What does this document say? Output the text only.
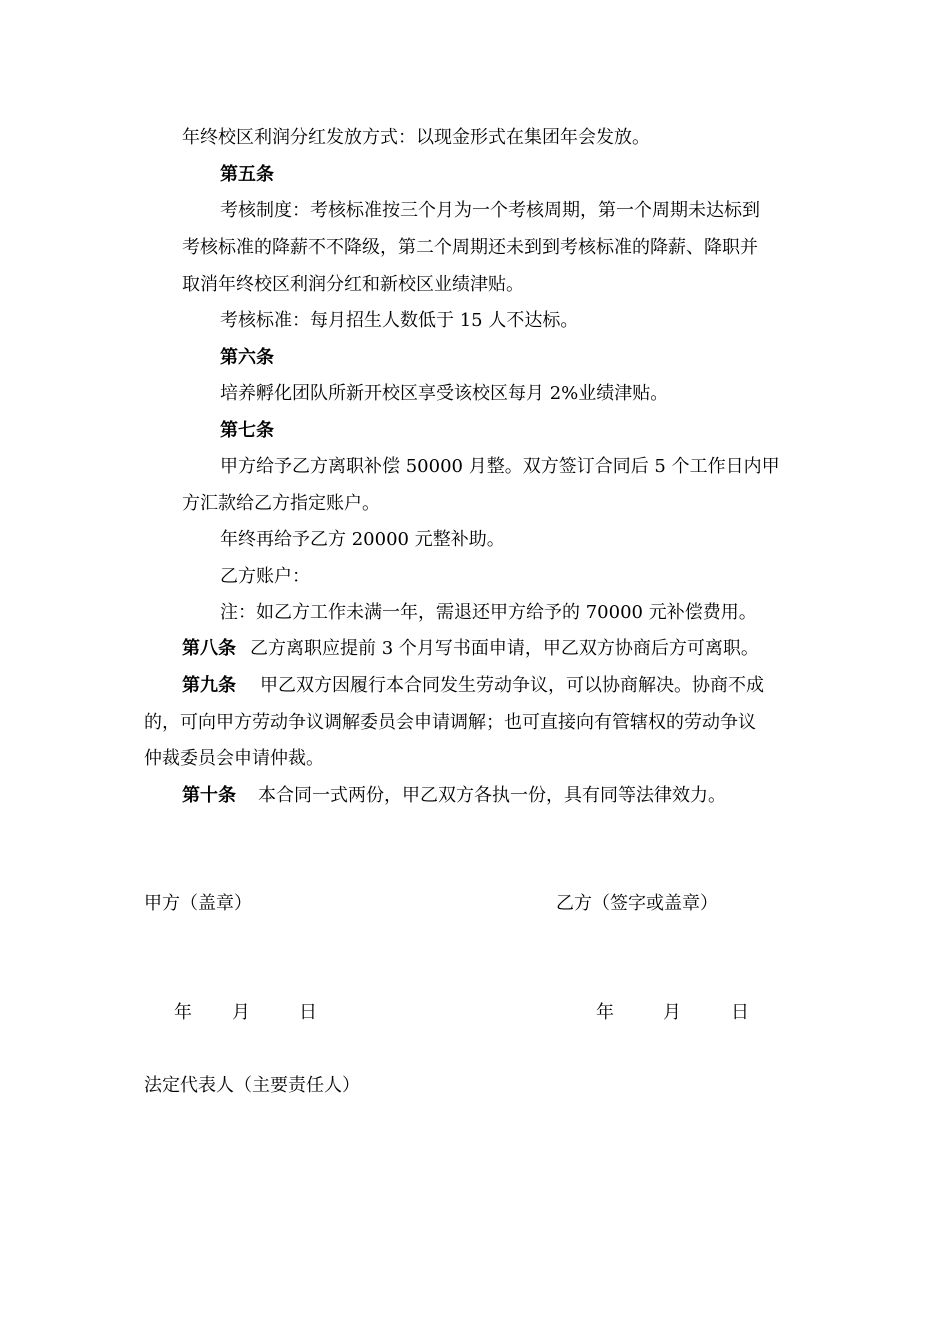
年终校区利润分红发放方式：以现金形式在集团年会发放。
第五条
考核制度：考核标准按三个月为一个考核周期，第一个周期未达标到
考核标准的降薪不不降级，第二个周期还未到到考核标准的降薪、降职并
取消年终校区利润分红和新校区业绩津贴。
考核标准：每月招生人数低于 15 人不达标。
第六条
培养孵化团队所新开校区享受该校区每月 2%业绩津贴。
第七条
甲方给予乙方离职补偿 50000 月整。双方签订合同后 5 个工作日内甲
方汇款给乙方指定账户。
年终再给予乙方 20000 元整补助。
乙方账户：
注：如乙方工作未满一年，需退还甲方给予的 70000 元补偿费用。
第八条 乙方离职应提前 3 个月写书面申请，甲乙双方协商后方可离职。
第九条 甲乙双方因履行本合同发生劳动争议，可以协商解决。协商不成
的，可向甲方劳动争议调解委员会申请调解；也可直接向有管辖权的劳动争议
仲裁委员会申请仲裁。
第十条 本合同一式两份，甲乙双方各执一份，具有同等法律效力。
甲方（盖章）	乙方（签字或盖章）
年 月	日	年	月	日
法定代表人（主要责任人）
